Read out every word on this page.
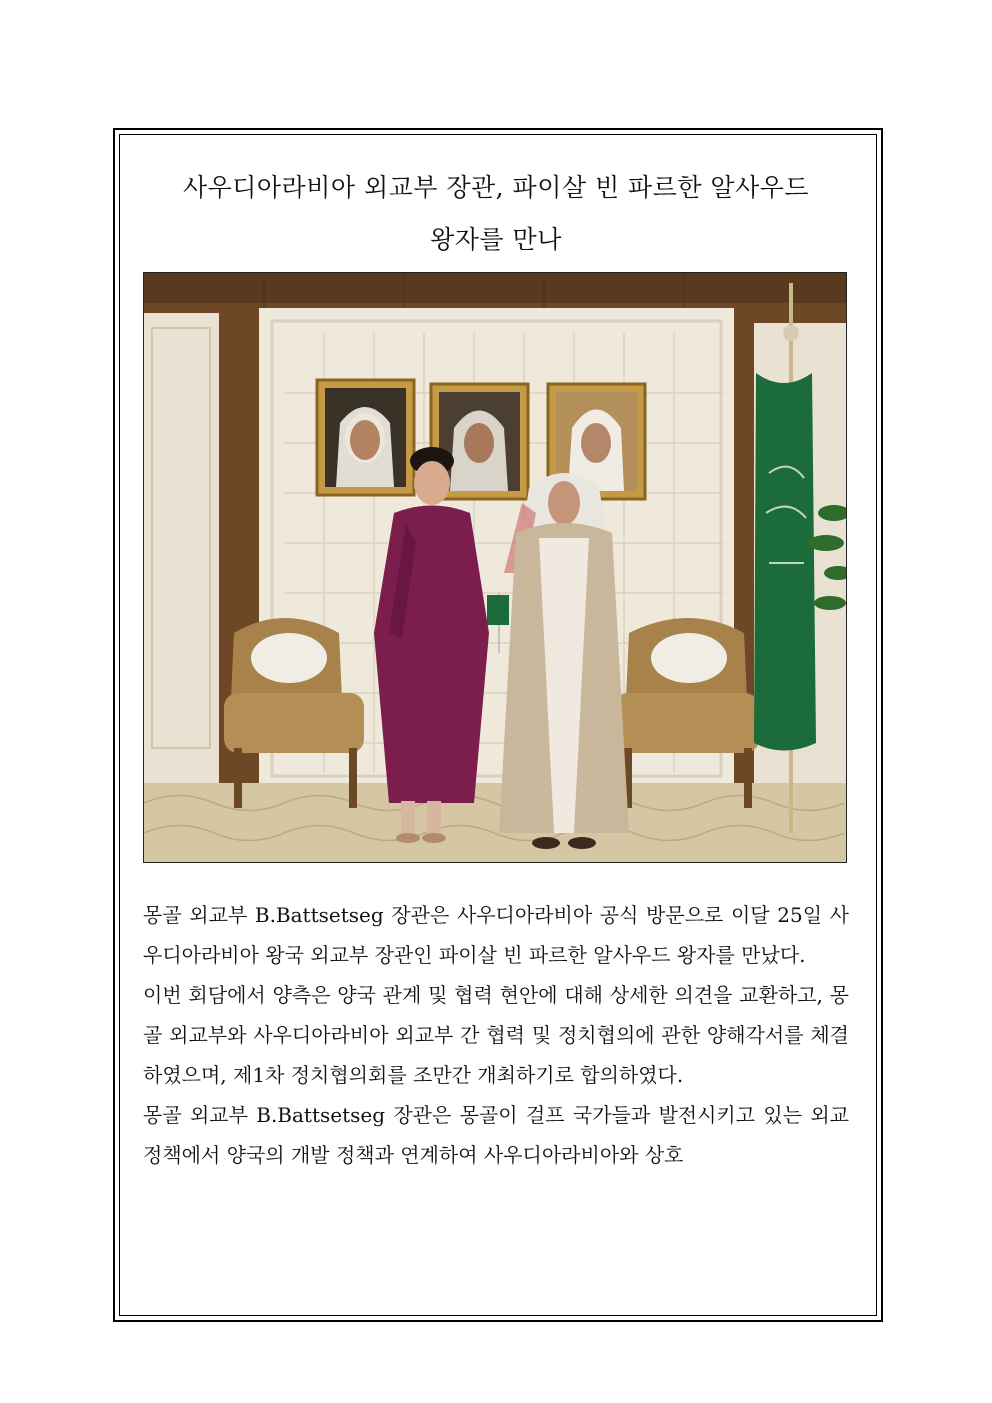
사우디아라비아 외교부 장관, 파이살 빈 파르한 알사우드
왕자를 만나

몽골 외교부 B.Battsetseg 장관은 사우디아라비아 공식 방문으로 이달 25일 사우디아라비아 왕국 외교부 장관인 파이살 빈 파르한 알사우드 왕자를 만났다.

이번 회담에서 양측은 양국 관계 및 협력 현안에 대해 상세한 의견을 교환하고, 몽골 외교부와 사우디아라비아 외교부 간 협력 및 정치협의에 관한 양해각서를 체결하였으며, 제1차 정치협의회를 조만간 개최하기로 합의하였다.

몽골 외교부 B.Battsetseg 장관은 몽골이 걸프 국가들과 발전시키고 있는 외교 정책에서 양국의 개발 정책과 연계하여 사우디아라비아와 상호
